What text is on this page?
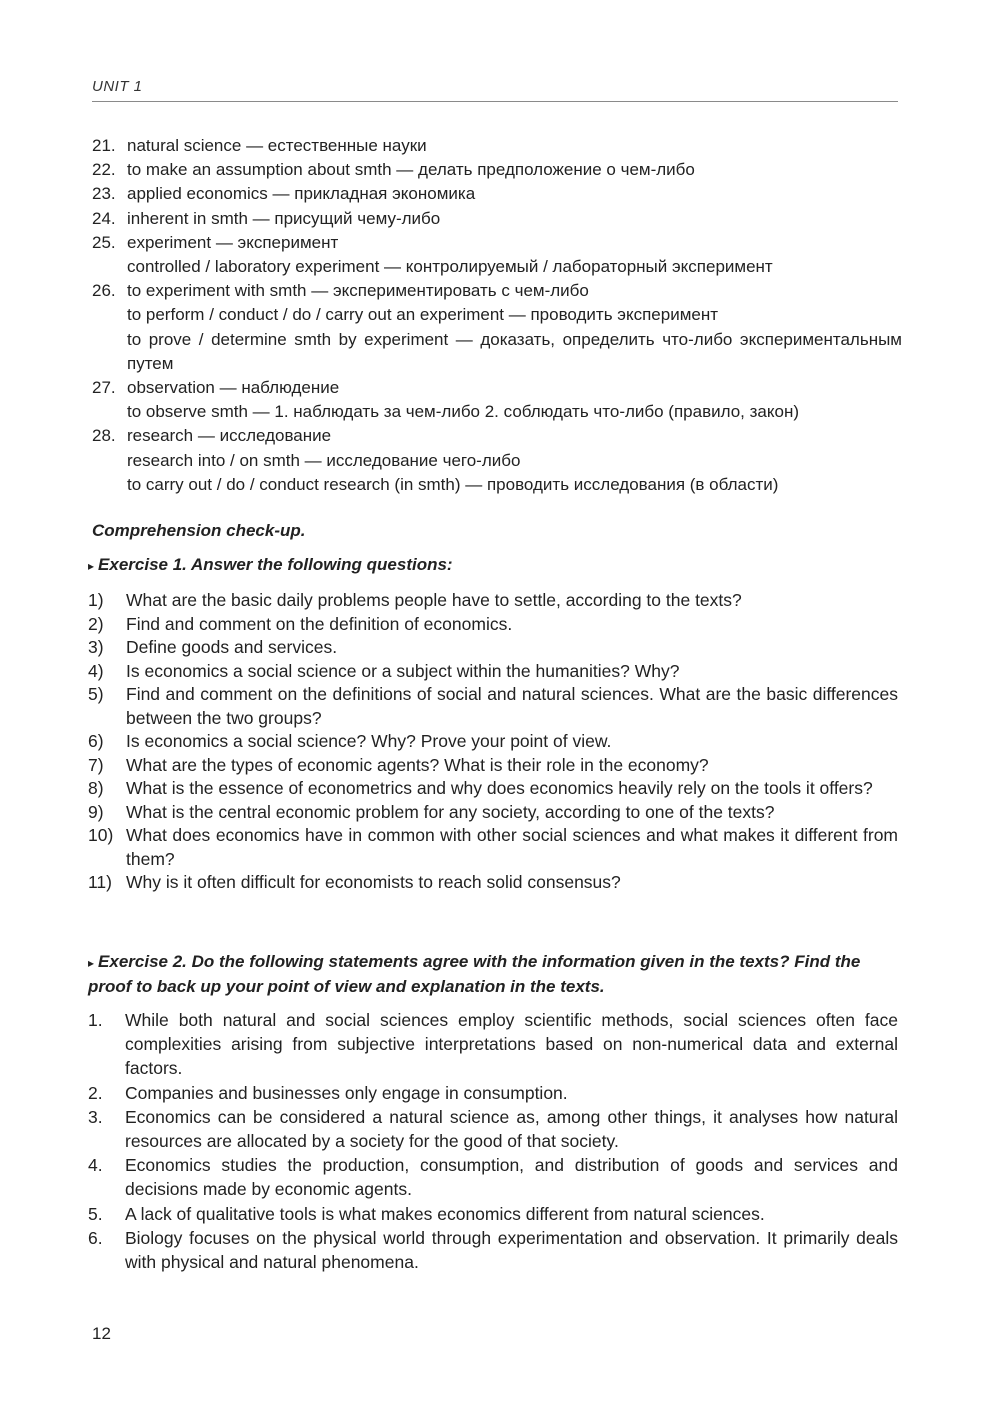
UNIT 1
21. natural science — естественные науки
22. to make an assumption about smth — делать предположение о чем-либо
23. applied economics — прикладная экономика
24. inherent in smth — присущий чему-либо
25. experiment — эксперимент
controlled / laboratory experiment — контролируемый / лабораторный эксперимент
26. to experiment with smth — экспериментировать с чем-либо
to perform / conduct / do / carry out an experiment — проводить эксперимент
to prove / determine smth by experiment — доказать, определить что-либо экспериментальным путем
27. observation — наблюдение
to observe smth — 1. наблюдать за чем-либо 2. соблюдать что-либо (правило, закон)
28. research — исследование
research into / on smth — исследование чего-либо
to carry out / do / conduct research (in smth) — проводить исследования (в области)
Comprehension check-up.
▸ Exercise 1. Answer the following questions:
1)	What are the basic daily problems people have to settle, according to the texts?
2)	Find and comment on the definition of economics.
3)	Define goods and services.
4)	Is economics a social science or a subject within the humanities? Why?
5)	Find and comment on the definitions of social and natural sciences. What are the basic differences between the two groups?
6)	Is economics a social science? Why? Prove your point of view.
7)	What are the types of economic agents? What is their role in the economy?
8)	What is the essence of econometrics and why does economics heavily rely on the tools it offers?
9)	What is the central economic problem for any society, according to one of the texts?
10) What does economics have in common with other social sciences and what makes it different from them?
11) Why is it often difficult for economists to reach solid consensus?
▸ Exercise 2. Do the following statements agree with the information given in the texts? Find the proof to back up your point of view and explanation in the texts.
1.	While both natural and social sciences employ scientific methods, social sciences often face complexities arising from subjective interpretations based on non-numerical data and external factors.
2.	Companies and businesses only engage in consumption.
3.	Economics can be considered a natural science as, among other things, it analyses how natural resources are allocated by a society for the good of that society.
4.	Economics studies the production, consumption, and distribution of goods and services and decisions made by economic agents.
5.	A lack of qualitative tools is what makes economics different from natural sciences.
6.	Biology focuses on the physical world through experimentation and observation. It primarily deals with physical and natural phenomena.
12
